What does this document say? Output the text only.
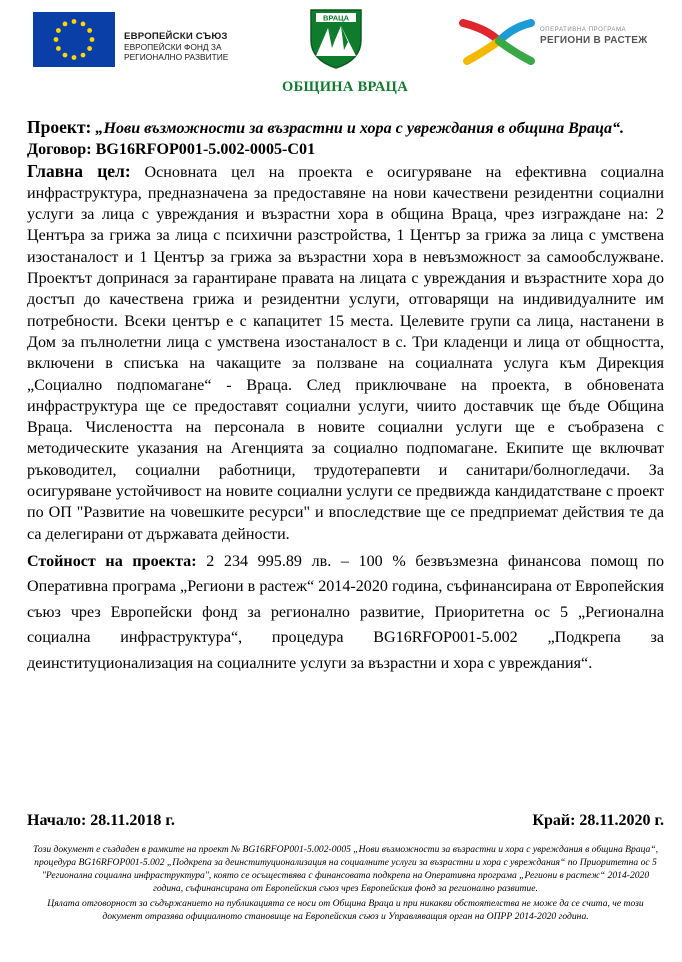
ЕВРОПЕЙСКИ СЪЮЗ
ЕВРОПЕЙСКИ ФОНД ЗА
РЕГИОНАЛНО РАЗВИТИЕ
ВРАЦА
ОБЩИНА ВРАЦА
ОПЕРАТИВНА ПРОГРАМА
РЕГИОНИ В РАСТЕЖ

Проект: „Нови възможности за възрастни и хора с увреждания в община Враца“.

Договор: BG16RFOP001-5.002-0005-C01

Главна цел: Основната цел на проекта е осигуряване на ефективна социална инфраструктура, предназначена за предоставяне на нови качествени резидентни социални услуги за лица с увреждания и възрастни хора в община Враца, чрез изграждане на: 2 Центъра за грижа за лица с психични разстройства, 1 Център за грижа за лица с умствена изостаналост и 1 Център за грижа за възрастни хора в невъзможност за самообслужване. Проектът допринася за гарантиране правата на лицата с увреждания и възрастните хора до достъп до качествена грижа и резидентни услуги, отговарящи на индивидуалните им потребности. Всеки център е с капацитет 15 места. Целевите групи са лица, настанени в Дом за пълнолетни лица с умствена изостаналост в с. Три кладенци и лица от общността, включени в списъка на чакащите за ползване на социалната услуга към Дирекция „Социално подпомагане“ - Враца. След приключване на проекта, в обновената инфраструктура ще се предоставят социални услуги, чиито доставчик ще бъде Община Враца. Числеността на персонала в новите социални услуги ще е съобразена с методическите указания на Агенцията за социално подпомагане. Екипите ще включват ръководител, социални работници, трудотерапевти и санитари/болногледачи. За осигуряване устойчивост на новите социални услуги се предвижда кандидатстване с проект по ОП "Развитие на човешките ресурси" и впоследствие ще се предприемат действия те да са делегирани от държавата дейности.

Стойност на проекта: 2 234 995.89 лв. – 100 % безвъзмезна финансова помощ по Оперативна програма „Региони в растеж“ 2014-2020 година, съфинансирана от Европейския съюз чрез Европейски фонд за регионално развитие, Приоритетна ос 5 „Регионална социална инфраструктура“, процедура BG16RFOP001-5.002 „Подкрепа за деинституционализация на социалните услуги за възрастни и хора с увреждания“.

Начало: 28.11.2018 г.	Край: 28.11.2020 г.

Този документ е създаден в рамките на проект № BG16RFOP001-5.002-0005 „Нови възможности за възрастни и хора с увреждания в община Враца“, процедура BG16RFOP001-5.002 „Подкрепа за деинституционализация на социалните услуги за възрастни и хора с увреждания“ по Приоритетна ос 5 "Регионална социална инфраструктура", която се осъществява с финансовата подкрепа на Оперативна програма „Региони в растеж“ 2014-2020 година, съфинансирана от Европейския съюз чрез Европейския фонд за регионално развитие.

Цялата отговорност за съдържанието на публикацията се носи от Община Враца и при никакви обстоятелства не може да се счита, че този документ отразява официалното становище на Европейския съюз и Управляващия орган на ОПРР 2014-2020 година.
